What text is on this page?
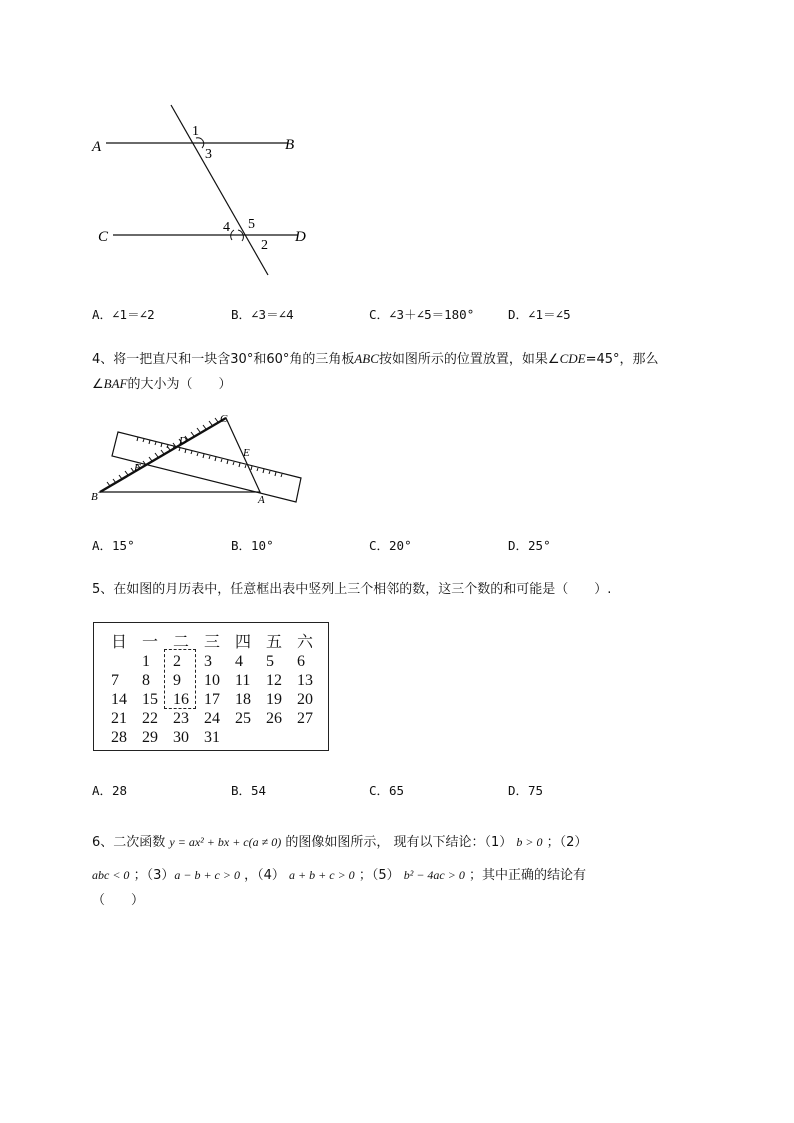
A	B
C	D
1
3
4 5
2
A．∠1＝∠2	B．∠3＝∠4	C．∠3＋∠5＝180°	D．∠1＝∠5
4、将一把直尺和一块含30°和60°角的三角板ABC按如图所示的位置放置，如果∠CDE=45°，那么
∠BAF的大小为（　　）
C
D
E
F
B	A
A．15°	B．10°	C．20°	D．25°
5、在如图的月历表中，任意框出表中竖列上三个相邻的数，这三个数的和可能是（　　）.
日	一	二	三	四	五	六
	1	2	3	4	5	6
7	8	9	10	11	12	13
14	15	16	17	18	19	20
21	22	23	24	25	26	27
28	29	30	31			
A．28	B．54	C．65	D．75
6、二次函数 y = ax² + bx + c(a ≠ 0) 的图像如图所示， 现有以下结论：（1） b > 0 ；（2）
abc < 0 ；（3）a − b + c > 0 ，（4） a + b + c > 0 ；（5） b² − 4ac > 0 ；其中正确的结论有
（　　）
